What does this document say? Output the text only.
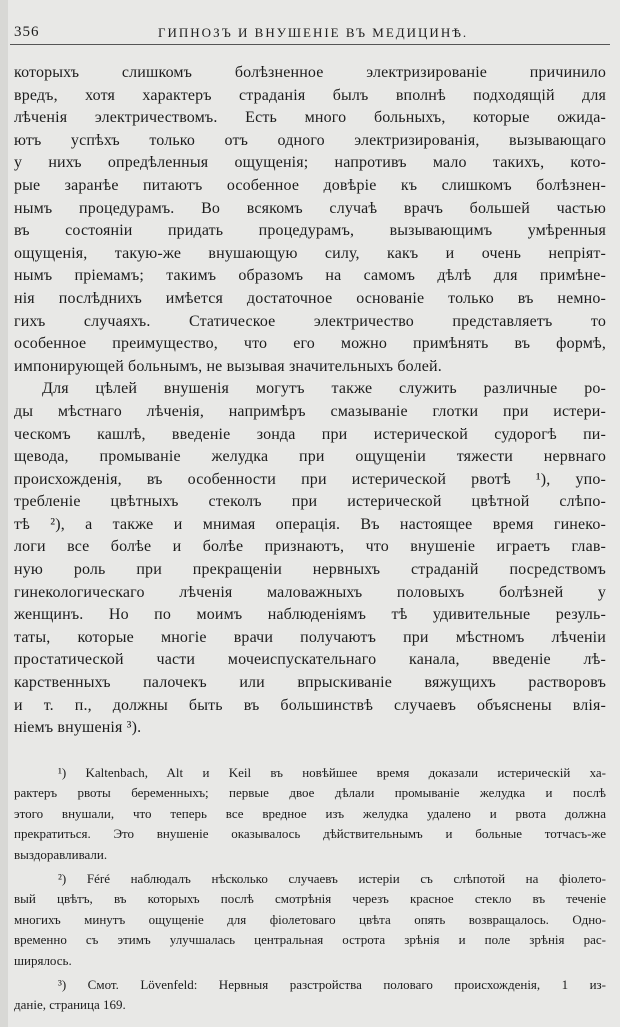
356	ГИПНОЗЪ И ВНУШЕНІЕ ВЪ МЕДИЦИНѢ.
которыхъ слишкомъ болѣзненное электризированіе причинило
вредъ, хотя характеръ страданія былъ вполнѣ подходящій для
лѣченія электричествомъ. Есть много больныхъ, которые ожида-
ютъ успѣхъ только отъ одного электризированія, вызывающаго
у нихъ опредѣленныя ощущенія; напротивъ мало такихъ, кото-
рые заранѣе питаютъ особенное довѣріе къ слишкомъ болѣзнен-
нымъ процедурамъ. Во всякомъ случаѣ врачъ большей частью
въ состояніи придать процедурамъ, вызывающимъ умѣренныя
ощущенія, такую-же внушающую силу, какъ и очень непріят-
нымъ пріемамъ; такимъ образомъ на самомъ дѣлѣ для примѣне-
нія послѣднихъ имѣется достаточное основаніе только въ немно-
гихъ случаяхъ. Статическое электричество представляетъ то
особенное преимущество, что его можно примѣнять въ формѣ,
импонирующей больнымъ, не вызывая значительныхъ болей.
Для цѣлей внушенія могутъ также служить различные ро-
ды мѣстнаго лѣченія, напримѣръ смазываніе глотки при истери-
ческомъ кашлѣ, введеніе зонда при истерической судорогѣ пи-
щевода, промываніе желудка при ощущеніи тяжести нервнаго
происхожденія, въ особенности при истерической рвотѣ ¹), упо-
требленіе цвѣтныхъ стеколъ при истерической цвѣтной слѣпо-
тѣ ²), а также и мнимая операція. Въ настоящее время гинеко-
логи все болѣе и болѣе признаютъ, что внушеніе играетъ глав-
ную роль при прекращеніи нервныхъ страданій посредствомъ
гинекологическаго лѣченія маловажныхъ половыхъ болѣзней у
женщинъ. Но по моимъ наблюденіямъ тѣ удивительные резуль-
таты, которые многіе врачи получаютъ при мѣстномъ лѣченіи
простатической части мочеиспускательнаго канала, введеніе лѣ-
карственныхъ палочекъ или впрыскиваніе вяжущихъ растворовъ
и т. п., должны быть въ большинствѣ случаевъ объяснены влія-
ніемъ внушенія ³).
¹) Kaltenbach, Alt и Keil въ новѣйшее время доказали истерическій ха-
рактеръ рвоты беременныхъ; первые двое дѣлали промываніе желудка и послѣ
этого внушали, что теперь все вредное изъ желудка удалено и рвота должна
прекратиться. Это внушеніе оказывалось дѣйствительнымъ и больные тотчасъ-же
выздоравливали.
²) Féré наблюдалъ нѣсколько случаевъ истеріи съ слѣпотой на фіолето-
вый цвѣтъ, въ которыхъ послѣ смотрѣнія черезъ красное стекло въ теченіе
многихъ минутъ ощущеніе для фіолетоваго цвѣта опять возвращалось. Одно-
временно съ этимъ улучшалась центральная острота зрѣнія и поле зрѣнія рас-
ширялось.
³) Смот. Lövenfeld: Нервныя разстройства половаго происхожденія, 1 из-
даніе, страница 169.
